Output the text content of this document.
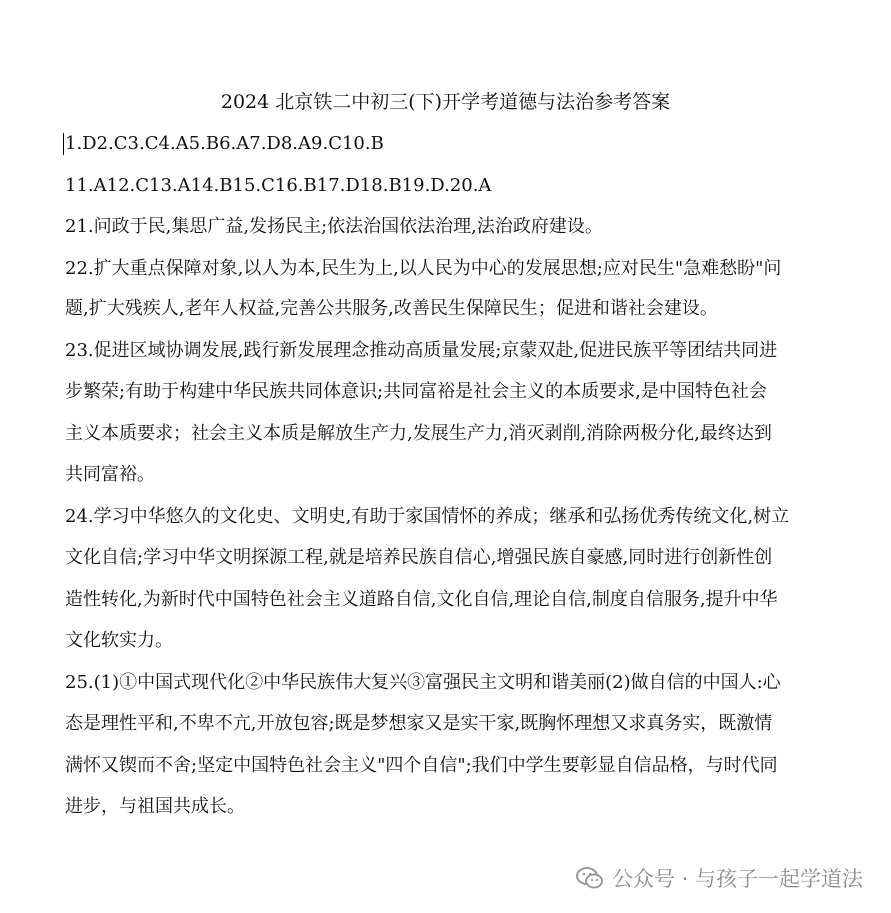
2024 北京铁二中初三(下)开学考道德与法治参考答案
1.D2.C3.C4.A5.B6.A7.D8.A9.C10.B
11.A12.C13.A14.B15.C16.B17.D18.B19.D.20.A
21.问政于民,集思广益,发扬民主;依法治国依法治理,法治政府建设。
22.扩大重点保障对象,以人为本,民生为上,以人民为中心的发展思想;应对民生"急难愁盼"问
题,扩大残疾人,老年人权益,完善公共服务,改善民生保障民生；促进和谐社会建设。
23.促进区域协调发展,践行新发展理念推动高质量发展;京蒙双赴,促进民族平等团结共同进
步繁荣;有助于构建中华民族共同体意识;共同富裕是社会主义的本质要求,是中国特色社会
主义本质要求；社会主义本质是解放生产力,发展生产力,消灭剥削,消除两极分化,最终达到
共同富裕。
24.学习中华悠久的文化史、文明史,有助于家国情怀的养成；继承和弘扬优秀传统文化,树立
文化自信;学习中华文明探源工程,就是培养民族自信心,增强民族自豪感,同时进行创新性创
造性转化,为新时代中国特色社会主义道路自信,文化自信,理论自信,制度自信服务,提升中华
文化软实力。
25.(1)①中国式现代化②中华民族伟大复兴③富强民主文明和谐美丽(2)做自信的中国人:心
态是理性平和,不卑不亢,开放包容;既是梦想家又是实干家,既胸怀理想又求真务实，既激情
满怀又锲而不舍;坚定中国特色社会主义"四个自信";我们中学生要彰显自信品格，与时代同
进步，与祖国共成长。
公众号 · 与孩子一起学道法
